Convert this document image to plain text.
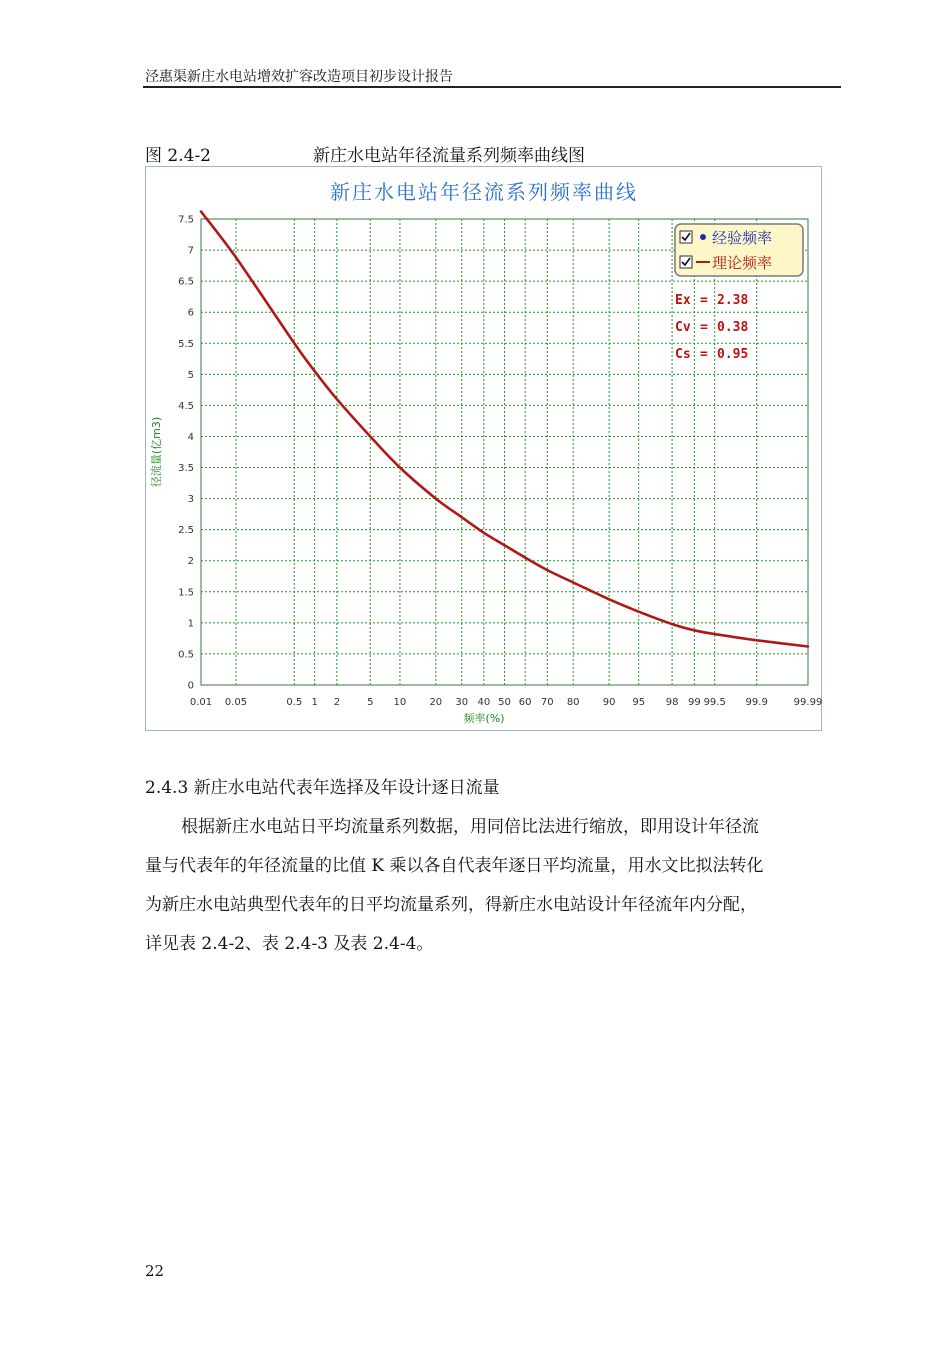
泾惠渠新庄水电站增效扩容改造项目初步设计报告
图 2.4-2	新庄水电站年径流量系列频率曲线图
新庄水电站年径流系列频率曲线
0.01 0.05	0.5 1 2	5 10 20 30 40 50 60 70 80 90 95 98 99 99.5 99.9	99.99
0
0.5
1
1.5
2
2.5
3
3.5
4
4.5
5
5.5
6
6.5
7
7.5
频率(%)
径流量(亿m3)
经验频率
理论频率
Ex = 2.38
Cv = 0.38
Cs = 0.95
2.4.3 新庄水电站代表年选择及年设计逐日流量
根据新庄水电站日平均流量系列数据，用同倍比法进行缩放，即用设计年径流
量与代表年的年径流量的比值 K 乘以各自代表年逐日平均流量，用水文比拟法转化
为新庄水电站典型代表年的日平均流量系列，得新庄水电站设计年径流年内分配，
详见表 2.4-2、表 2.4-3 及表 2.4-4。
22
